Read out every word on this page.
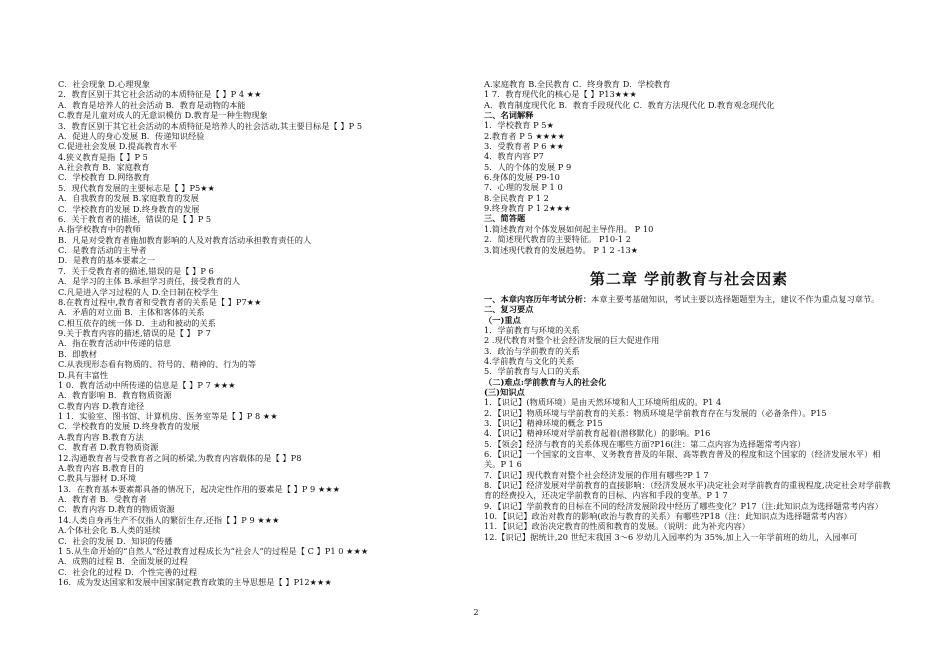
C．社会现象 D.心理现象
2．教育区别于其它社会活动的本质特征是【 】P 4 ★★
A．教育是培养人的社会活动 B．教育是动物的本能
C.教育是儿童对成人的无意识模仿 D.教育是一种生物现象
3．教育区别于其它社会活动的本质特征是培养人的社会活动,其主要目标是【 】P 5
A．促进人的身心发展 B．传递知识经验
C.促进社会发展 D.提高教育水平
4.狭义教育是指【 】P 5
A.社会教育 B．家庭教育
C．学校教育 D.网络教育
5．现代教育发展的主要标志是【 】P5★★
A．自我教育的发展 B.家庭教育的发展
C．学校教育的发展 D.终身教育的发展
6．关于教育者的描述，错误的是【 】P 5
A.指学校教育中的教师
B．凡是对受教育者施加教育影响的人及对教育活动承担教育责任的人
C．是教育活动的主导者
D．是教育的基本要素之一
7．关于受教育者的描述,错误的是【 】P 6
A．是学习的主体 B.承担学习责任，接受教育的人
C.凡是进入学习过程的人 D.全日制在校学生
8.在教育过程中,教育者和受教育者的关系是【 】P7★★
A．矛盾的对立面 B．主体和客体的关系
C.相互依存的统一体 D．主动和被动的关系
9.关于教育内容的描述,错误的是【 】 P 7
A．指在教育活动中传递的信息
B．即教材
C.从表现形态看有物质的、符号的、精神的、行为的等
D.具有丰富性
1 0．教育活动中所传递的信息是【 】P 7 ★★★
A．教育影响 B．教育物质资源
C.教育内容 D.教育途径
1 1．实验室、图书馆、计算机房、医务室等是【 】P 8 ★★
C．学校教育的发展 D.终身教育的发展
A.教育内容 B.教育方法
C．教育者 D.教育物质资源
12.沟通教育者与受教育者之间的桥梁,为教育内容载体的是【 】P8
A.教育内容 B.教育目的
C.教具与器材 D.环境
13．在教育基本要素都具备的情况下，起决定性作用的要素是【 】P 9 ★★★
A．教育者 B．受教育者
C．教育内容 D.教育的物质资源
14.人类自身再生产不仅指人的繁衍生存,还指【 】P 9 ★★★
A.个体社会化 B.人类的延续
C．社会的发展 D．知识的传播
1 5.从生命开始的“自然人”经过教育过程成长为“社会人”的过程是【 C 】P1 0 ★★★
A．成熟的过程 B．全面发展的过程
C．社会化的过程 D．个性完善的过程
16．成为发达国家和发展中国家制定教育政策的主导思想是【 】P12★★★
A.家庭教育 B.全民教育 C．终身教育 D．学校教育
1 7．教育现代化的核心是【 】P13★★★
A．教育制度现代化 B．教育手段现代化 C．教育方法现代化 D.教育观念现代化
二、名词解释
1．学校教育 P 5★
2.教育者 P 5 ★★★★
3．受教育者 P 6 ★★
4．教育内容 P7
5．人的个体的发展 P 9
6.身体的发展 P9-10
7．心理的发展 P 1 0
8.全民教育 P 1 2
9.终身教育 P 1 2★★★
三、简答题
1.简述教育对个体发展如何起主导作用。 P 10
2．简述现代教育的主要特征。 P10-1 2
3.简述现代教育的发展趋势。 P 1 2 -13★
第二章 学前教育与社会因素
一、本章内容历年考试分析：本章主要考基础知识，考试主要以选择题题型为主，建议不作为重点复习章节。
二、复习要点
（一)重点
1．学前教育与环境的关系
2 .现代教育对整个社会经济发展的巨大促进作用
3．政治与学前教育的关系
4.学前教育与文化的关系
5．学前教育与人口的关系
（二)难点:学前教育与人的社会化
(三)知识点
1．【识记】(物质环境）是由天然环境和人工环境所组成的。P1 4
2．【识记】物质环境与学前教育的关系：物质环境是学前教育存在与发展的（必备条件）。P15
3．【识记】精神环境的概念 P15
4．【识记】精神环境对学前教育起着(潜移默化）的影响。P16
5．【领会】经济与教育的关系体现在哪些方面?P16(注：第二点内容为选择题常考内容）
6．【识记】一个国家的文盲率、义务教育普及的年限、高等教育普及的程度和这个国家的（经济发展水平）相关。P 1 6
7．【识记】现代教育对整个社会经济发展的作用有哪些?P 1 7
8．【识记】经济发展对学前教育的直接影响：（经济发展水平)决定社会对学前教育的重视程度,决定社会对学前教育的经费投入，还决定学前教育的目标、内容和手段的变革。P 1 7
9．【识记】学前教育的目标在不同的经济发展阶段中经历了哪些变化？P17（注:此知识点为选择题常考内容）
10．【识记】政治对教育的影响(政治与教育的关系）有哪些?P18（注：此知识点为选择题常考内容）
11．【识记】政治决定教育的性质和教育的发展。（说明：此为补充内容）
12.【识记】据统计,20 世纪末我国 3～6 岁幼儿入园率约为 35%,加上入一年学前班的幼儿，入园率可
2
